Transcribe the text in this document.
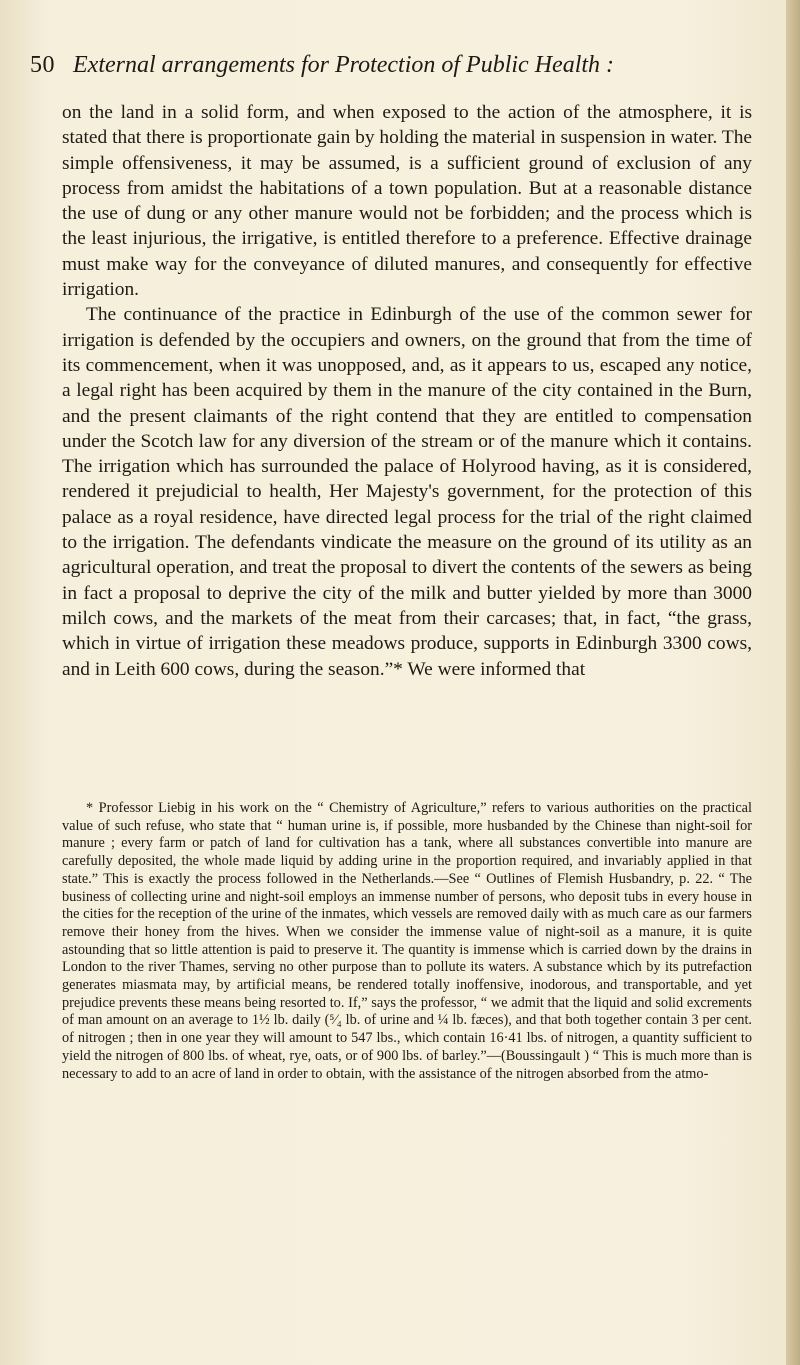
50 External arrangements for Protection of Public Health :

on the land in a solid form, and when exposed to the action of the atmosphere, it is stated that there is proportionate gain by holding the material in suspension in water. The simple offensiveness, it may be assumed, is a sufficient ground of exclusion of any process from amidst the habitations of a town population. But at a reasonable distance the use of dung or any other manure would not be forbidden; and the process which is the least injurious, the irrigative, is entitled therefore to a preference. Effective drainage must make way for the conveyance of diluted manures, and consequently for effective irrigation.

The continuance of the practice in Edinburgh of the use of the common sewer for irrigation is defended by the occupiers and owners, on the ground that from the time of its commencement, when it was unopposed, and, as it appears to us, escaped any notice, a legal right has been acquired by them in the manure of the city contained in the Burn, and the present claimants of the right contend that they are entitled to compensation under the Scotch law for any diversion of the stream or of the manure which it contains. The irrigation which has surrounded the palace of Holyrood having, as it is considered, rendered it prejudicial to health, Her Majesty's government, for the protection of this palace as a royal residence, have directed legal process for the trial of the right claimed to the irrigation. The defendants vindicate the measure on the ground of its utility as an agricultural operation, and treat the proposal to divert the contents of the sewers as being in fact a proposal to deprive the city of the milk and butter yielded by more than 3000 milch cows, and the markets of the meat from their carcases; that, in fact, “the grass, which in virtue of irrigation these meadows produce, supports in Edinburgh 3300 cows, and in Leith 600 cows, during the season.”* We were informed that

* Professor Liebig in his work on the “ Chemistry of Agriculture,” refers to various authorities on the practical value of such refuse, who state that “ human urine is, if possible, more husbanded by the Chinese than night-soil for manure ; every farm or patch of land for cultivation has a tank, where all substances convertible into manure are carefully deposited, the whole made liquid by adding urine in the proportion required, and invariably applied in that state.” This is exactly the process followed in the Netherlands.—See “ Outlines of Flemish Husbandry, p. 22. “ The business of collecting urine and night-soil employs an immense number of persons, who deposit tubs in every house in the cities for the reception of the urine of the inmates, which vessels are removed daily with as much care as our farmers remove their honey from the hives. When we consider the immense value of night-soil as a manure, it is quite astounding that so little attention is paid to preserve it. The quantity is immense which is carried down by the drains in London to the river Thames, serving no other purpose than to pollute its waters. A substance which by its putrefaction generates miasmata may, by artificial means, be rendered totally inoffensive, inodorous, and transportable, and yet prejudice prevents these means being resorted to. If,” says the professor, “ we admit that the liquid and solid excrements of man amount on an average to 1½ lb. daily (⁵⁄₄ lb. of urine and ¼ lb. fæces), and that both together contain 3 per cent. of nitrogen ; then in one year they will amount to 547 lbs., which contain 16·41 lbs. of nitrogen, a quantity sufficient to yield the nitrogen of 800 lbs. of wheat, rye, oats, or of 900 lbs. of barley.”—(Boussingault ) “ This is much more than is necessary to add to an acre of land in order to obtain, with the assistance of the nitrogen absorbed from the atmo-
